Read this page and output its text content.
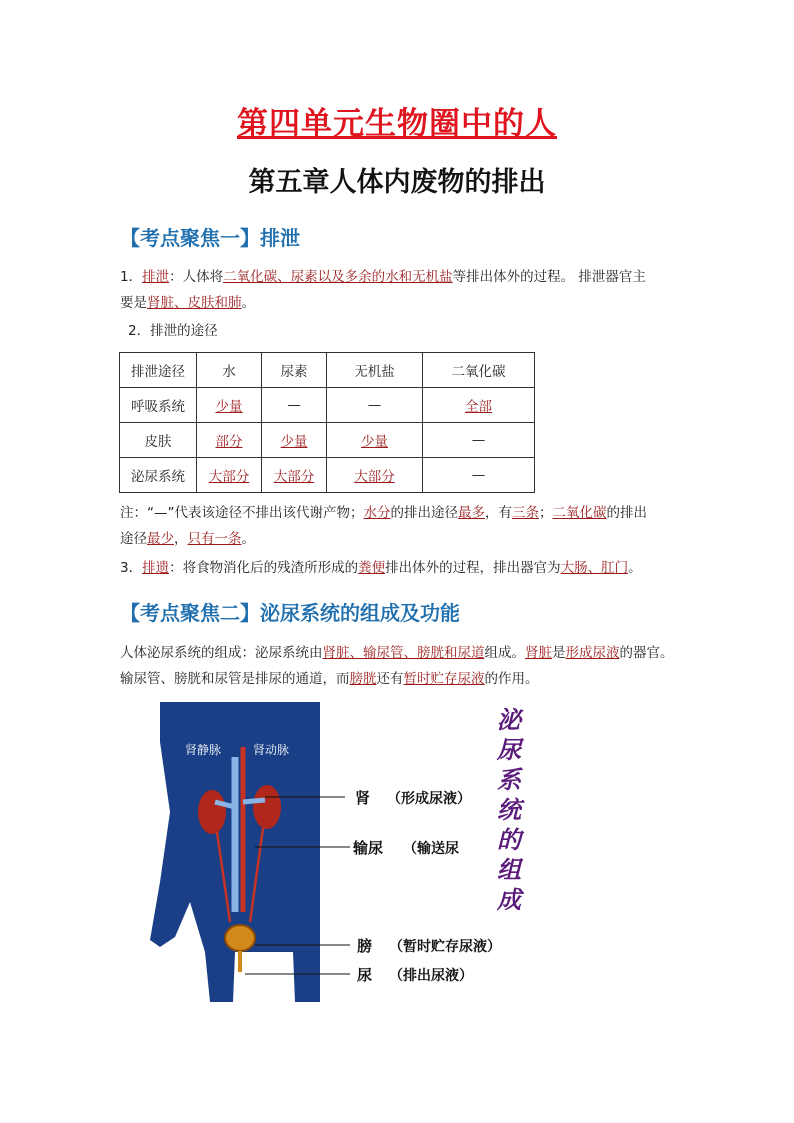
第四单元生物圈中的人
第五章人体内废物的排出
【考点聚焦一】排泄
1．排泄：人体将二氧化碳、尿素以及多余的水和无机盐等排出体外的过程。 排泄器官主
要是肾脏、皮肤和肺。
2．排泄的途径
排泄途径	水	尿素	无机盐	二氧化碳
呼吸系统	少量	—	—	全部
皮肤	部分	少量	少量	—
泌尿系统	大部分	大部分	大部分	—
注：“—”代表该途径不排出该代谢产物；水分的排出途径最多，有三条；二氧化碳的排出
途径最少，只有一条。
3．排遗：将食物消化后的残渣所形成的粪便排出体外的过程，排出器官为大肠、肛门。
【考点聚焦二】泌尿系统的组成及功能
人体泌尿系统的组成：泌尿系统由肾脏、输尿管、膀胱和尿道组成。肾脏是形成尿液的器官。
输尿管、膀胱和尿管是排尿的通道，而膀胱还有暂时贮存尿液的作用。
肾静脉	肾动脉
肾 （形成尿液）
输尿 （输送尿
膀 （暂时贮存尿液）
尿 （排出尿液）
泌
尿
系
统
的
组
成
